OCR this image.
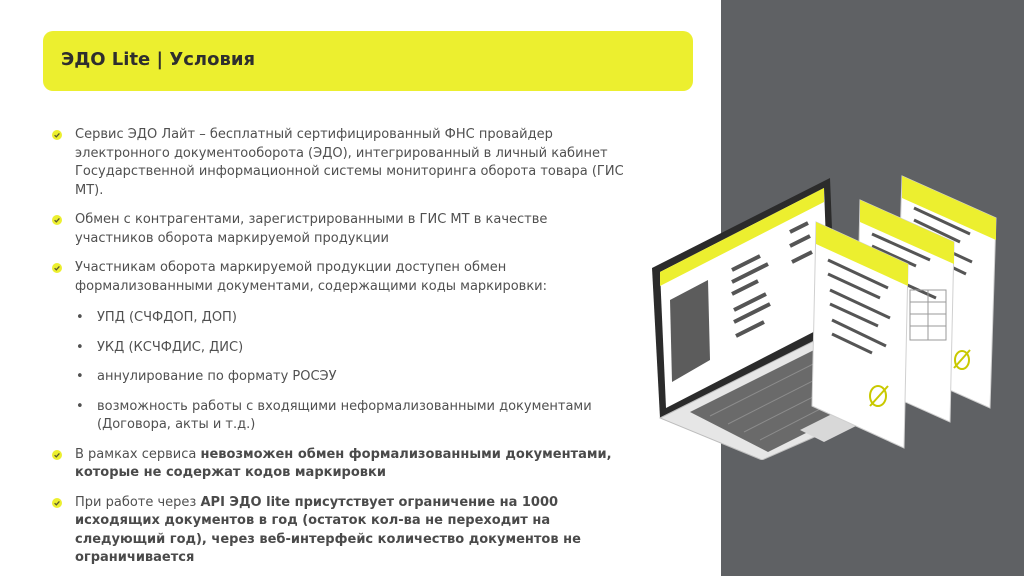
ЭДО Lite | Условия
Сервис ЭДО Лайт – бесплатный сертифицированный ФНС провайдер электронного документооборота (ЭДО), интегрированный в личный кабинет Государственной информационной системы мониторинга оборота товара (ГИС МТ).
Обмен с контрагентами, зарегистрированными в ГИС МТ в качестве участников оборота маркируемой продукции
Участникам оборота маркируемой продукции доступен обмен формализованными документами, содержащими коды маркировки:
• УПД (СЧФДОП, ДОП)
• УКД (КСЧФДИС, ДИС)
• аннулирование по формату РОСЭУ
• возможность работы с входящими неформализованными документами (Договора, акты и т.д.)
В рамках сервиса невозможен обмен формализованными документами, которые не содержат кодов маркировки
При работе через API ЭДО lite присутствует ограничение на 1000 исходящих документов в год (остаток кол-ва не переходит на следующий год), через веб-интерфейс количество документов не ограничивается
